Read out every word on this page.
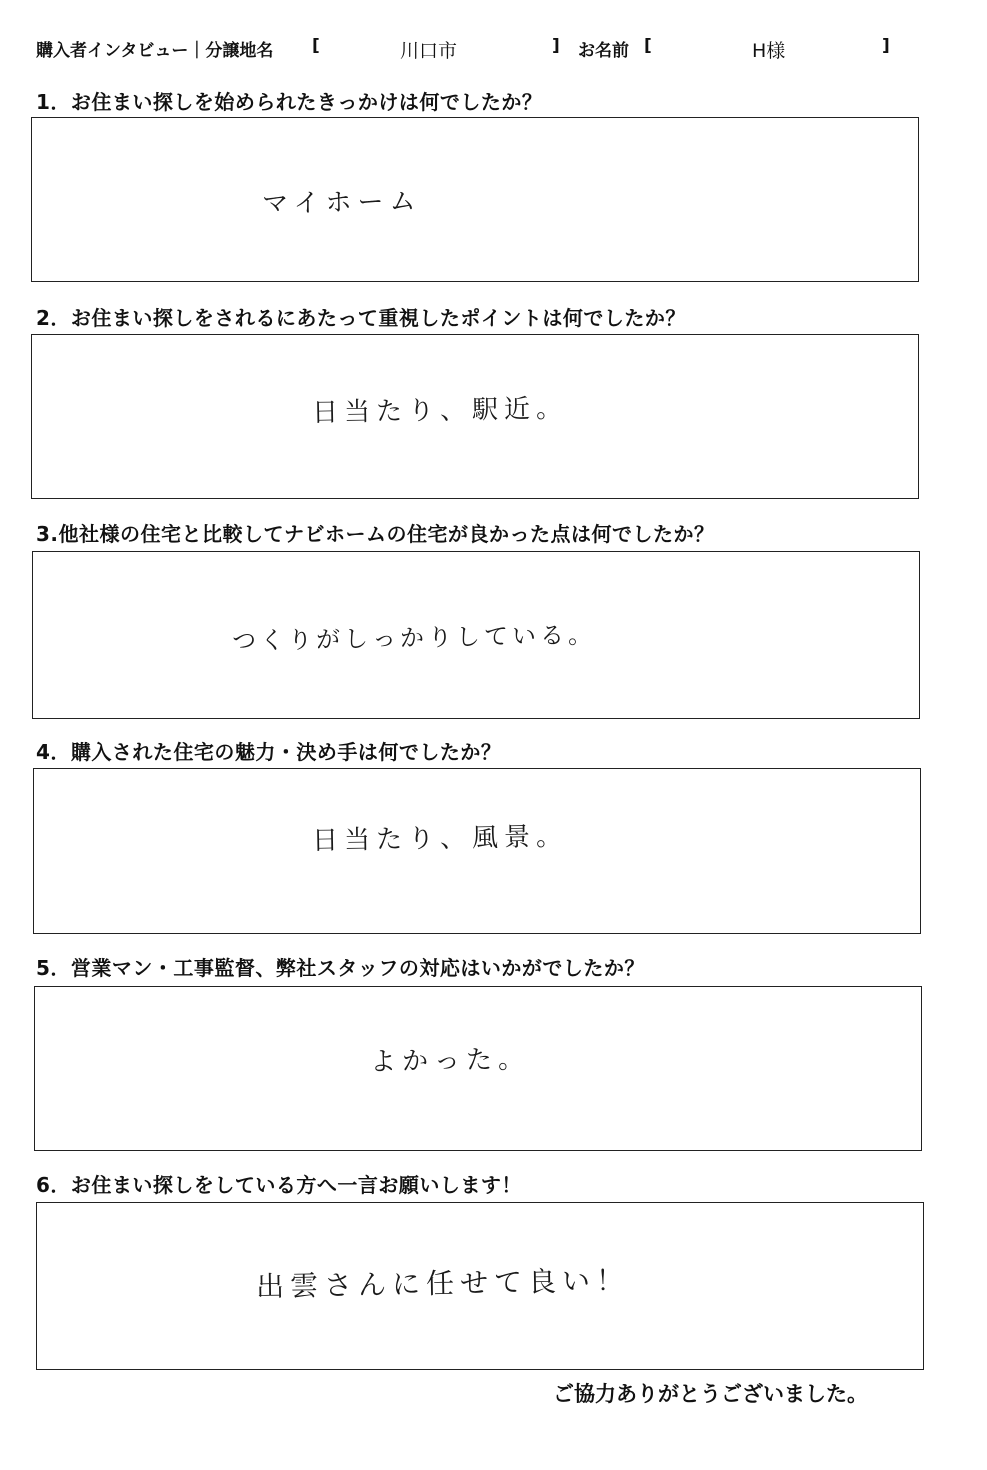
購入者インタビュー｜分譲地名 [	川口市	] お名前 [	H様	]
1．お住まい探しを始められたきっかけは何でしたか？
マイホーム
2．お住まい探しをされるにあたって重視したポイントは何でしたか？
日当たり、駅近。
3.他社様の住宅と比較してナビホームの住宅が良かった点は何でしたか？
つくりがしっかりしている。
4．購入された住宅の魅力・決め手は何でしたか？
日当たり、風景。
5．営業マン・工事監督、弊社スタッフの対応はいかがでしたか？
よかった。
6．お住まい探しをしている方へ一言お願いします！
出雲さんに任せて良い！
ご協力ありがとうございました。
